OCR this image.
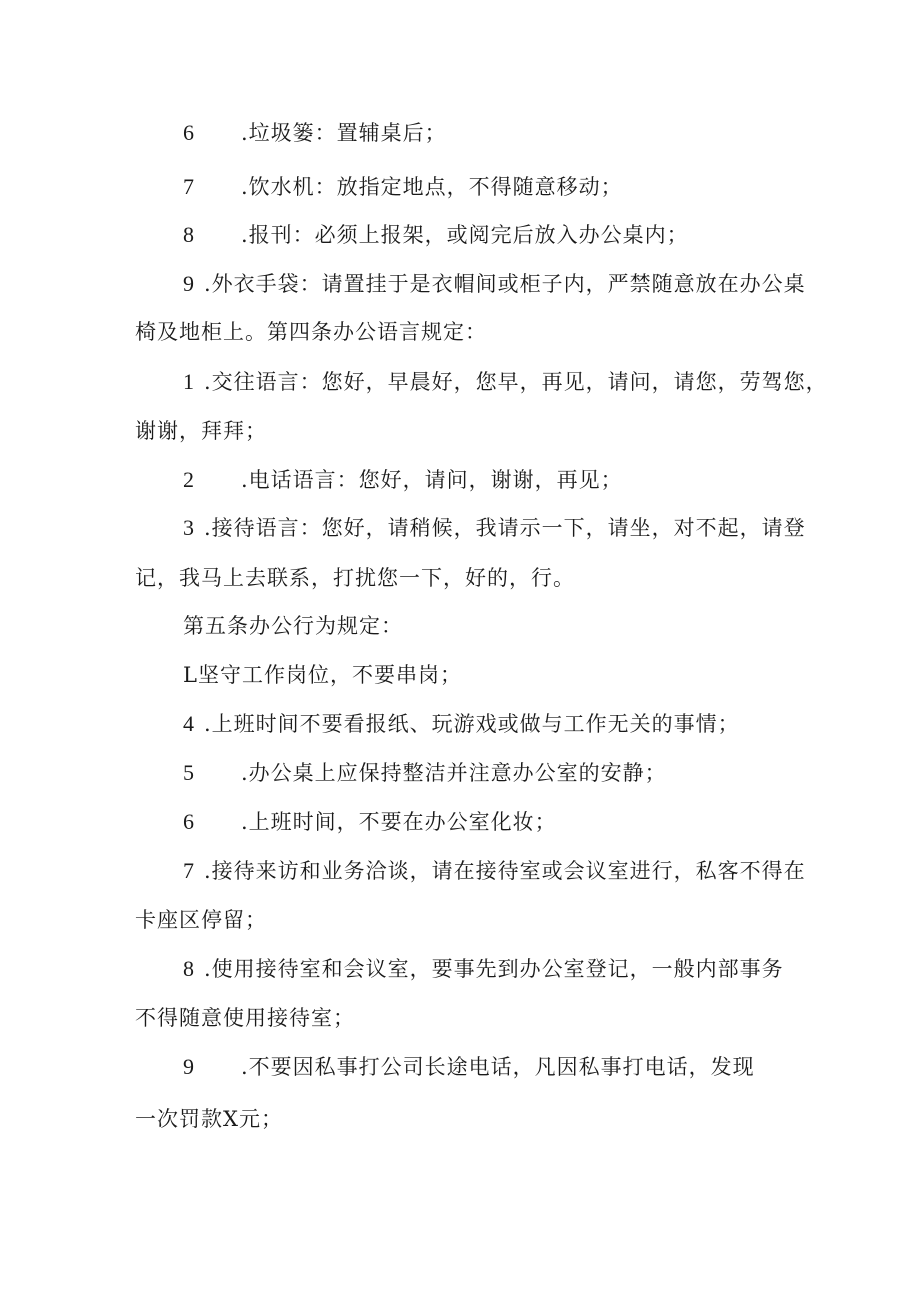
6 .垃圾篓：置辅桌后；
7 .饮水机：放指定地点，不得随意移动；
8 .报刊：必须上报架，或阅完后放入办公桌内；
9 .外衣手袋：请置挂于是衣帽间或柜子内，严禁随意放在办公桌
椅及地柜上。第四条办公语言规定：
1 .交往语言：您好，早晨好，您早，再见，请问，请您，劳驾您，
谢谢，拜拜；
2 .电话语言：您好，请问，谢谢，再见；
3 .接待语言：您好，请稍候，我请示一下，请坐，对不起，请登
记，我马上去联系，打扰您一下，好的，行。
第五条办公行为规定：
L坚守工作岗位，不要串岗；
4 .上班时间不要看报纸、玩游戏或做与工作无关的事情；
5 .办公桌上应保持整洁并注意办公室的安静；
6 .上班时间，不要在办公室化妆；
7 .接待来访和业务洽谈，请在接待室或会议室进行，私客不得在
卡座区停留；
8 .使用接待室和会议室，要事先到办公室登记，一般内部事务
不得随意使用接待室；
9 .不要因私事打公司长途电话，凡因私事打电话，发现
一次罚款X元；
